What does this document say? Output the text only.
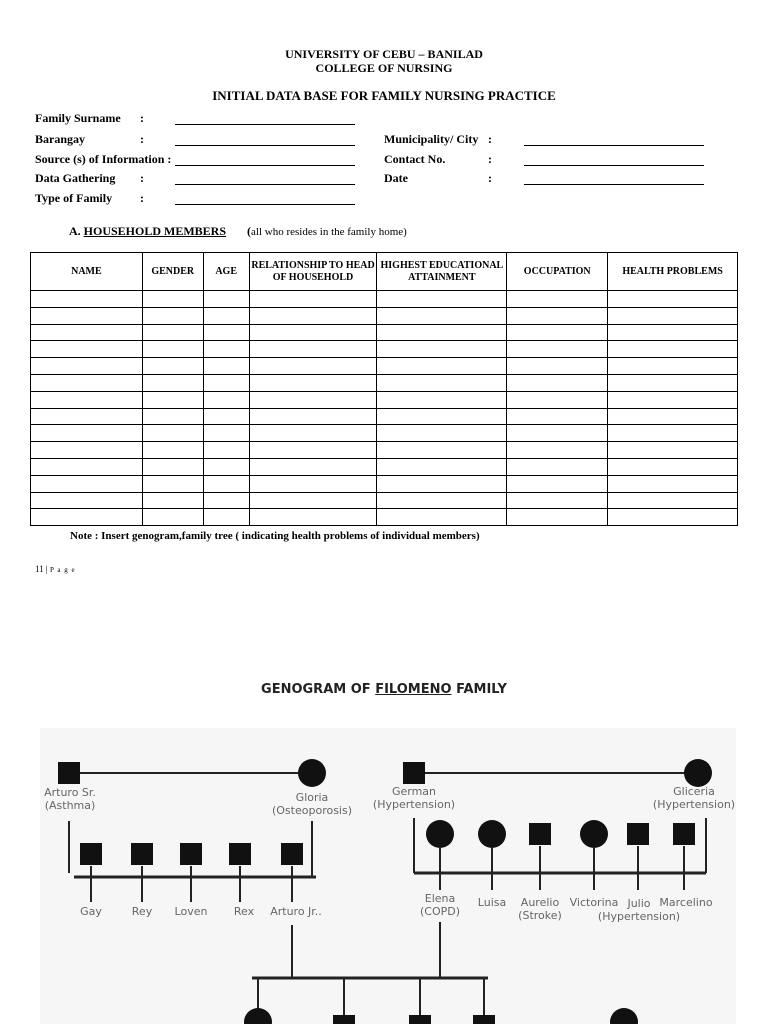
UNIVERSITY OF CEBU – BANILAD
COLLEGE OF NURSING
INITIAL DATA BASE FOR FAMILY NURSING PRACTICE
Family Surname :
Barangay	:
Source (s) of Information :
Data Gathering :
Type of Family :
Municipality/ City :
Contact No.	:
Date	:
A. HOUSEHOLD MEMBERS (all who resides in the family home)
NAME	GENDER	AGE	RELATIONSHIP TO HEAD OF HOUSEHOLD	HIGHEST EDUCATIONAL ATTAINMENT	OCCUPATION	HEALTH PROBLEMS

Note : Insert genogram,family tree ( indicating health problems of individual members)
11 | P a g e
GENOGRAM OF FILOMENO FAMILY
Arturo Sr.
(Asthma)
Gloria
(Osteoporosis)
Gay	Rey	Loven	Rex	Arturo Jr..
German
(Hypertension)
Gliceria
(Hypertension)
Elena
(COPD)
Luisa	Aurelio
(Stroke)
Victorina Julio
(Hypertension)
Marcelino
